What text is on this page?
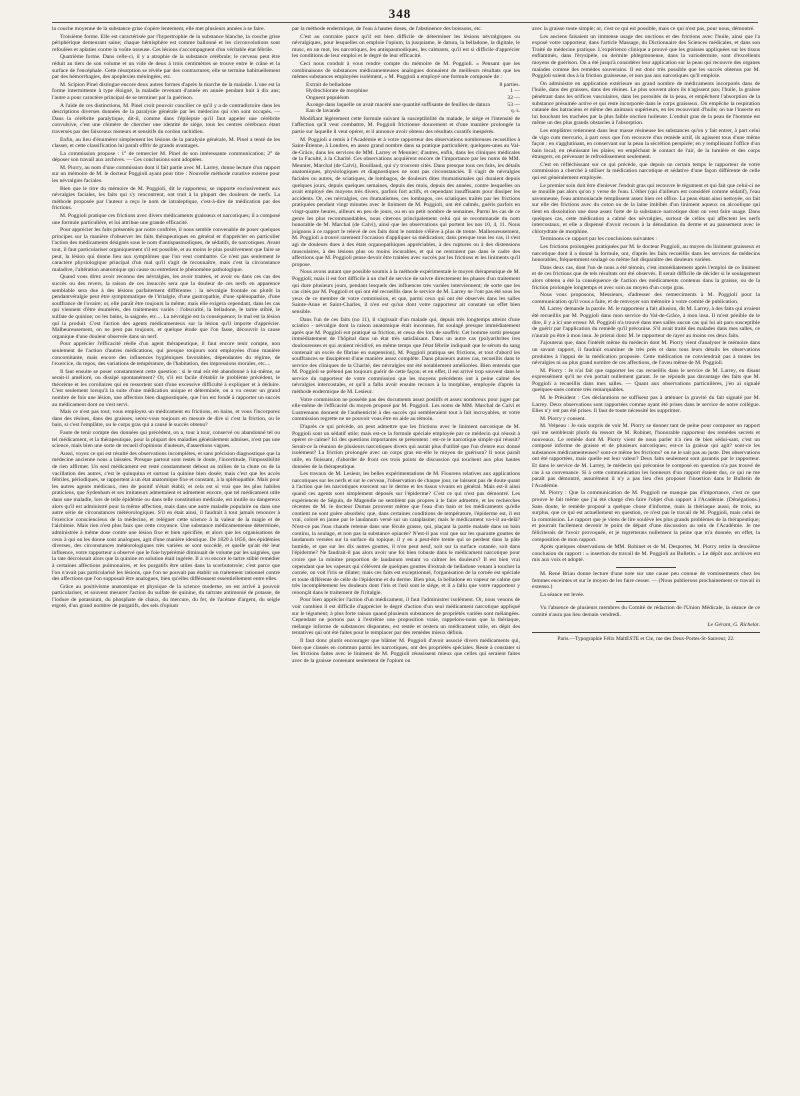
348

la couche moyenne de la substance grise s'opère lentement, elle met plusieurs années à se faire.

Troisième forme. Elle est caractérisée par l'hypertrophie de la substance blanche, la couche grise périphérique demeurant saine; chaque hémisphère est comme ballonné et les circonvolutions sont refoulées et aplaties contre la voûte osseuse. Ces lésions s'accompagnent d'un véritable état fébrile.

Quatrième forme. Dans celle-ci, il y a atrophie de la substance cérébrale; le cerveau peut être réduit au tiers de son volume et un vide de deux à trois centimètres se trouve entre le crâne et la surface de l'encéphale. Cette résorption se révèle par des contractures; elle se termine habituellement par des hémorrhagies, des apoplexies méningées, etc.

M. Scipion Pinel distingue encore deux autres formes d'après la marche de la maladie. L'une est la forme intermittente à type éloigné, la maladie revenant d'année en année pendant huit à dix ans; l'autre a pour caractère principal de se terminer par la guérison.

A l'aide de ces distinctions, M. Pinel croit pouvoir concilier ce qu'il y a de contradictoire dans les descriptions diverses données de la paralysie générale par les médecins qui s'en sont occupés. — Dans la cérébrite paralytique, dit-il, comme dans l'épilepsie qu'il faut appeler une cérébrite convulsive, c'est une chimère de chercher une identité de siége, tous les centres cérébraux étant traversés par des faisceaux moteurs et sensitifs du cordon rachidien.

Enfin, au lieu d'énumérer simplement les lésions de la paralysie générale, M. Pinel a tenté de les classer, et cette classification lui paraît offrir de grands avantages.

La commission propose : 1° de remercier M. Pinel de son intéressante communication; 2° de déposer son travail aux archives. — Ces conclusions sont adoptées.

M. Piorry, au nom d'une commission dont il fait partie avec M. Larrey, donne lecture d'un rapport sur un mémoire de M. le docteur Poggioli ayant pour titre : Nouvelle méthode curative externe pour les névralgies faciales.

Bien que le titre du mémoire de M. Poggioli, dit le rapporteur, se rapporte exclusivement aux névralgies faciales, les faits qui s'y rencontrent, ont trait à la plupart des douleurs de nerfs. La méthode proposée par l'auteur a reçu le nom de iatraleptique, c'est-à-dire de médication par des frictions.

M. Poggioli pratique ces frictions avec divers médicaments graisseux et narcotiques; il a composé une formule particulière, et lui attribue une grande efficacité.

Pour apprécier les faits présentés par notre confrère, il nous semble convenable de poser quelques principes sur la manière d'observer les faits thérapeutiques en général et d'apprécier en particulier l'action des médicaments désignés sous le nom d'antispasmodiques, de sédatifs, de narcotiques. Avant tout, il faut particulariser organiquement s'il est possible, et au moins le plus positivement que faire se peut, la lésion qui donne lieu aux symptômes que l'on veut combattre. Ce n'est pas seulement le caractère physiologique principal d'un mal qu'il s'agit de reconnaître, mais c'est la circonstance maladive, l'altération anatomique qui cause ou entretient le phénomène pathologique.

Quand vous direz avoir reconnu des névralgies, les avoir traitées, et avoir eu dans ces cas des succès ou des revers, la raison de ces insuccès sera que la douleur de ces nerfs en apparence semblable sera due à des lésions parfaitement différentes : la névralgie frontale ou plutôt la pendantvéralgie peut être symptomatique de l'iritalgie, d'une gastropathie, d'une splénopathie, d'une souffrance de l'ovaire; or, elle paraît être toujours la même; mais elle exigera cependant, dans les cas qui viennent d'être énumérés, des traitements variés : l'obscurité, la belladone, le tartre stibié, le sulfate de quinine; ou les bains, la saignée, etc.... La névralgie est la conséquence; le mal est la lésion qui la produit. C'est l'action des agents médicamenteux sur la lésion qu'il importe d'apprécier. Malheureusement, on ne peut pas toujours, et quelque étude que l'on fasse, découvrir la cause organique d'une douleur observée dans un nerf.

Pour apprécier l'efficacité réelle d'un agent thérapeutique, il faut encore tenir compte, non seulement de l'action d'autres médications, qui presque toujours sont employées d'une manière concomitante, mais encore des influences hygiéniques favorables, dépendantes du régime, de l'exercice, du repos, des variations de température, de l'habitation, des impressions morales, etc....

Il faut ensuite se poser constamment cette question : si le mal eût été abandonné à lui-même, se serait-il amélioré, ou dissipé spontanément? Or, s'il est facile d'établir le problème précédent, le théorème et les corollaires qui en ressortent sont d'une excessive difficulté à expliquer et à déduire. C'est seulement lorsqu'à la suite d'une médication unique et déterminée, on a vu cesser un grand nombre de fois une lésion, une affection bien diagnostiquée, que l'on est fondé à rapporter un succès au médicament dont on s'est servi.

Mais ce n'est pas tout; vous employez un médicament en frictions, en bains, et vous l'incorporez dans des résines, dans des graisses, serez-vous toujours en mesure de dire si c'est la friction, ou le bain, si c'est l'emplâtre, ou le corps gras qui a causé le succès obtenu?

Faute de tenir compte des données qui précèdent, on a, tour à tour, conservé ou abandonné tel ou tel médicament, et la thérapeutique, pour la plupart des maladies généralement admises, n'est pas une science, mais bien une sorte de recueil d'opinions d'auteurs, d'assertions vagues.

Aussi, voyez ce qui est résulté des observations incomplètes, et sans précision diagnostique que la médecine ancienne nous a laissées. Presque partout sont restés le doute, l'incertitude, l'impossibilité de rien affirmer. Un seul médicament est resté constamment debout au milieu de la chute ou de la vacillation des autres, c'est le quinquina et surtout la quinine bien dosée; mais c'est que les accès fébriles, périodiques, se rapportent à un état anatomique fixe et constant, à la splénopathie. Mais pour les autres agents médicaux, rien de positif n'était établi; et cela est si vrai que les plus habiles praticiens, que Sydenham et ses imitateurs admettaient et admettent encore, que tel médicament utile dans une maladie, lors de telle épidémie ou dans telle constitution médicale, est inutile ou dangereux alors qu'il est administré pour la même affection, mais dans une autre maladie populaire ou dans une autre série de circonstances météorologiques. S'il en était ainsi, il faudrait à tout jamais renoncer à l'exercice consciencieux de la médecine, et reléguer cette science à la valeur de la magie et de l'alchimie. Mais rien n'est plus faux que cette croyance. Une substance médicamenteuse déterminée, administrée à même dose contre une lésion fixe et bien spécifiée, et alors que les organisations de ceux à qui on les donne sont analogues, agit d'une manière identique. De 1820 à 1856, des épidémies diverses, des circonstances météorologiques très variées se sont succédé, et quelle qu'ait été leur influence, votre rapporteur a observé que le foie hypérémié diminuait de volume par les saignées, que la rate décroissait alors que la quinine en solution était ingérée. Il a vu encore le tartre stibié remédier à certaines affections pulmonaires, et les purgatifs être utiles dans la scorbutotroïe; c'est parce que l'on n'avait pas particularisé les lésions, que l'on ne pouvait pas établir un traitement rationnel contre des affections que l'on supposait être analogues, bien qu'elles différassent essentiellement entre elles.

Grâce au positivisme anatomique et physique de la science moderne, on est arrivé à pouvoir particulariser, et souvent mesurer l'action du sulfate de quinine, du tartrate antimonié de potasse, de l'iodure de potassium, du phosphate de chaux, du mercure, du fer, de l'acétate d'argent, du seigle ergoté, d'un grand nombre de purgatifs, des sels d'opium

par la méthode endermique, de l'eau à hautes doses, de l'abstinence des boissons, etc.

C'est au contraire parce qu'il est bien difficile de déterminer les lésions névralgiques ou névralgiques, pour lesquelles on emploie l'opium, la jusquiame, le datura, la belladone, la digitale, le musc, en un mot, les narcotiques, les antispasmodiques, les calmants, qu'il est si difficile d'apprécier les conditions de leur emploi et le degré de leur efficacité.

Ceci nous conduit à vous rendre compte du mémoire de M. Poggioli. « Pensant que les combinaisons de substances médicamenteuses analogues donnaient de meilleurs résultats que les mêmes substances employées isolément, » M. Poggioli a employé une formule composée de :

Extrait de belladone	8 parties.
Hydrochlorate de morphine	1 —
Onguent populéum	32 —
Axonge dans laquelle on avait macéré une quantité suffisante de feuilles de datura	53 —
Eau de lavande	q. s.

Modifiant légèrement cette formule suivant la susceptibilité du malade, le siége et l'intensité de l'affection qu'il veut combattre, M. Poggioli frictionne doucement et d'une manière prolongée la partie sur laquelle il veut opérer, et il annonce avoir obtenu des résultats curatifs inespérés.

M. Poggioli a remis à l'Académie et à votre rapporteur des observations nombreuses recueillies à Saint-Étienne, à Londres, en assez grand nombre dans sa pratique particulière; quelques-unes au Val-de-Grâce, dans les services de MM. Larrey et Meunier; d'autres, enfin, dans les cliniques médicales de la Faculté, à la Charité. Ces observations acquièrent encore de l'importance par les noms de MM. Meunier, Marchal (de Calvi), Bouillaud, qui s'y trouvent cités. Dans presque tous ces faits, les détails anatomiques, physiologiques et diagnostiques ne sont pas circonstanciés. Il s'agit de névralgies faciales ou autres, de sciatiques, de lombagos, de douleurs dites rhumatismales qui duraient depuis quelques jours, depuis quelques semaines, depuis des mois, depuis des années, contre lesquelles on avait employé des moyens très divers, parfois fort actifs, et cependant insuffisants pour dissiper les accidents. Or, ces névralgies, ces rhumatismes, ces lombagos, ces sciatiques traités par les frictions pratiquées pendant vingt minutes avec le liniment de M. Poggioli, ont été calmés, guéris parfois en vingt-quatre heures, ailleurs en peu de jours, ou en un petit nombre de semaines. Parmi les cas de ce genre les plus recommandables, nous citerons principalement celui qui se recommande du nom honorable de M. Marchal (de Calvi), ainsi que les observations qui portent les nos 10, 4, 11. Nous joignons à ce rapport le relevé de ces faits dont le nombre s'élève à plus de trente. Malheureusement, M. Poggioli a trouvé rarement l'occasion d'appliquer sa médication; dans presque tous les cas, il s'est agi de douleurs dues à des états organopathiques appréciables, à des ruptures ou à des distensions musculaires, à des lésions plus ou moins incurables, et qui ne rentraient pas dans le cadre des affections que M. Poggioli pense devoir être traitées avec succès par les frictions et les liniments qu'il propose.

Nous avons autant que possible soumis à la méthode expérimentale le moyen thérapeutique de M. Poggioli; mais il est fort difficile à un chef de service de suivre directement les phases d'un traitement qui dure plusieurs jours, pendant lesquels des influences très variées interviennent; de sorte que les cas cités par M. Poggioli et qui ont été recueillis dans le service de M. Larrey ne l'ont pas été sous les yeux de ce membre de votre commission, et que, parmi ceux qui ont été observés dans les salles Sainte-Anne et Saint-Charles, il n'en est qu'un dont votre rapporteur ait constaté un effet bien sensible.

Dans l'un de ces faits (no 11), il s'agissait d'un malade qui, depuis très longtemps atteint d'une sciatico - névralgie dont la raison anatomique était inconnue, fut soulagé presque immédiatement après que M. Poggioli eut pratiqué sa friction, et cessa dès lors de souffrir. Cet homme sortit presque immédiatement de l'hôpital dans un état très satisfaisant. Dans un autre cas (polyarthrites ires douloureuses et qui avaient récidivé, en même temps que l'état fébrile indiquait que le sérum du sang contenait un excès de fibrine en suspension), M. Poggioli pratiqua ses frictions, et tout d'abord les souffrances se dissipèrent d'une manière assez complète. Dans plusieurs autres cas, recueillis dans le service des cliniques de la Charité, des névralgies ont été notablement améliorées. Bien entendu que M. Poggioli se prêtend pas toujours guérir de cette façon; et en effet, il est arrivé trop souvent dans le service du rapporteur de votre commission que les moyens précédents ont à peine calmé des névralgies intercostales, et qu'il a fallu avoir ensuite recours à la morphine, employée d'après la méthode endermique de M. Lesieur.

Votre commission ne possède pas des documents assez positifs et assez nombreux pour juger par elle-même de l'efficacité du moyen proposé par M. Poggioli. Les noms de MM. Marchal de Calvi et Lustremann donnent de l'authenticité à des succès qui sembleraient tout à fait incroyables, et votre commission regrette ne ne pouvoir vous être en aide au témoin.

D'après ce qui précède, on peut admettre que les frictions avec le liniment narcotique de M. Poggioli sont un sédatif utile; mais est-ce la formule spéciale employée par ce médecin qui réussit à opérer ce calme? Ici des questions importantes se présentent : est-ce le narcotique simple qui réussit? Serait-ce la réunion de plusieurs narcotiques divers qui aurait plus d'utilité que l'un d'entre eux donné isolément? La friction prolongée avec un corps gras est-elle le moyen de guérison? Il nous paraît utile, en finissant, d'aborder de front ces trois points de discussion qui touchent aux plus hautes données de la thérapeutique.

Les travaux de M. Lesieur, les belles expérimentations de M. Flourens relatives aux applications narcotiques sur les nerfs et sur le cerveau, l'observation de chaque jour, ne laissent pas de doute quant à l'action que les narcotiques exercent sur le derme et les tissus vivants en général. Mais est-il ainsi quand ces agents sont simplement déposés sur l'épiderme? C'est ce qui n'est pas démontré. Les expériences de Séguin, de Magendie ne semblent pas propres à le faire admettre, et les recherches récentes de M. le docteur Dumas prouvent même que l'eau d'un bain et les médicaments qu'elle contient ne sont guère absorbés; que, dans certaines conditions de température, l'épiderme est, il est vrai, coloré en jaune par le laudanum versé sur un cataplasme; mais le médicament va-t-il au-delà? N'est-ce pas l'eau chaude retenue dans une fécule grasse, qui, plaçant la partie malade dans un bain continu, la soulage, et non pas la substance opiacée? N'est-il pas vrai que sur les quarante gouttes de laudanum versées sur la surface du topique, il y en a peut-être trente qui se perdent dans la pâte humide, et que sur les dix autres gouttes, il n'en peut neuf, soit sur la surface cutanée, soit dans l'épiderme? Ne faudrait-il pas alors avoir une foi bien robuste dans le médicament narcotique pour croire que la minime proportion de laudanum restant va calmer les douleurs? Il est bien vrai cependant que les vapeurs qui s'élèvent de quelques gouttes d'extrait de belladone venant à toucher la cornée, on voit l'iris se dilater; mais ces faits est exceptionnel, l'organisation de la cornée est spéciale et toute différente de celle de l'épiderme et du derme. Bien plus, la belladone en vapeur ne calme que très incomplètement les douleurs dont l'iris et l'œil sont le siége, et il a fallu que votre rapporteur y renonçât dans le traitement de l'iritalgie.

Pour bien apprécier l'action d'un médicament, il faut l'administrer isolément. Or, nous venons de voir combien il est difficile d'apprécier le degré d'action d'un seul médicament narcotique appliqué sur le tégument; à plus forte raison quand plusieurs substances de propriétés variées sont mélangées. Cependant ne portons pas à l'extrême une proposition vraie, rappelons-nous que la thériaque, mélange informe de substances disparates, est restée et restera un médicament utile, en dépit des tentatives qui ont été faites pour le remplacer par des remèdes mieux définis.

Il faut donc plutôt encourager que blâmer M. Poggioli d'avoir associé divers médicaments qui, bien que classés en commun parmi les narcotiques, ont des propriétés spéciales. Reste à constater si les frictions faites avec le liniment de M. Poggioli réussissent mieux que celles qui seraient faites avec de la graisse contenant seulement de l'opium ou

avec la graisse toute simple; or, c'est ce qui est possible, mais ce qui n'est pas, pour nous, démontré.

Les anciens faisaient un immense usage des onctions et des frictions avec l'huile, ainsi que l'a exposé votre rapporteur, dans l'article Massage, du Dictionnaire des Sciences médicales, et dans son Traité de médecine pratique. L'expérience clinique a prouvé que les graisses appliquées sur les tissus enflammés, dans l'érysipèle, ou dermite phlegmoneuse, dans la variodermite, sont d'excellents moyens de guérison. On a été jusqu'à considérer leur application sur la peau qui recouvre des organes malades comme des remèdes souverains. Il est donc très possible que les succès obtenus par M. Poggioli soient dus à la friction graisseuse, et non pas aux narcotiques qu'il emploie.

On administre en application extérieure un grand nombre de médicaments incorporés dans de l'huile, dans des graisses, dans des résines. Le plus souvent alors ils n'agissent pas; l'huile, la graisse pénétrant dans les orifices vasculaires, dans les porosités de la peau, et empêchent l'absorption de la substance présumée active et qui reste incorporée dans le corps graisseux. On empêche la respiration cutanée des batraciens et même des animaux supérieurs, en les recouvrant d'huile; on tue l'insecte en lui bouchant les trachées par la plus faible onction huileuse. L'enduit gras de la peau de l'homme est même un des plus grands obstacles à l'absorption.

Les emplâtres retiennent dans leur masse résineuse les substances qu'on y fait entrer, à part celui de vigo cum mercurio, à part ceux que l'on recouvre d'un remède actif, ils agissent tous d'une même façon : en s'agglutinant, en conservant sur la peau la sécrétion perspirée; en y remplissant l'office d'un bain local; en réunissant les plaies; en empêchant le contact de l'air, de la lumière et des corps étrangers, en prévenant le refroidissement seulement.

C'est en réfléchissant sur ce qui précède, que depuis un certain temps le rapporteur de votre commission a cherché à utiliser la médication narcotique et sédative d'une façon différente de celle qui est généralement employée.

Le premier soin doit être d'enlever l'enduit gras qui recouvre le tégument et qui fait que celui-ci ne se mouille pas alors qu'on y verse de l'eau. L'éther (qui d'ailleurs est considéré comme sédatif), l'eau savonneuse, l'eau ammoniacale remplissent assez bien cet office. La peau étant ainsi nettoyée, on fait sur elle des frictions avec du coton ou de la laine imbibés d'un liniment aqueux ou alcoolique qui tient en dissolution une dose assez forte de la substance narcotique dont on veut faire usage. Dans quelques cas, cette médication a calmé des névralgies, surtout de celles qui affectent les nerfs intercostaux, et elle a dispensé d'avoir recours à la dénudation du derme et au pansement avec le chlorydrate de morphine.

Terminons ce rapport par les conclusions suivantes :

Les frictions prolongées pratiquées par M. le docteur Poggioli, au moyen du liniment graisseux et narcotique dont il a donné la formule, ont, d'après les faits recueillis dans les services de médecins honorables, fréquemment soulagé ou même fait disparaître des douleurs variées.

Dans deux cas, dont l'un de nous a été témoin, c'est immédiatement après l'emploi de ce liniment et de ces frictions que de tels résultats ont été observés. Il serait difficile de décider si le soulagement alors obtenu a été la conséquence de l'action des médicaments contenus dans la graisse, ou de la friction prolongée longtemps et avec soin au moyen d'un corps gras.

Nous vous proposons, Messieurs, d'adresser des remerciments à M. Poggioli pour la communication qu'il vous a faite, et de renvoyer son mémoire à votre comité de publication.

M. Larrey demande la parole. M. le rapporteur a fait allusion, dit M. Larrey, à des faits qui avaient été recueillis par M. Poggioli dans mon service du Val-de-Grâce, à mon insu. Il m'est pénible de le dire, il y a ici une erreur. M. Poggioli n'a trouvé dans mes salles aucun cas qui lui ait paru susceptible de guérir par l'application du remède qu'il préconise. S'il avait traité des malades dans mes salles, ce n'aurait pu être à mon insu. Je prierai donc M. le rapporteur de rayer au moins ces deux faits.

J'ajouterai que, dans l'intérêt même du médecin dont M. Piorry vient d'analyser le mémoire dans un savant rapport, il faudrait examiner de très près et dans tous leurs détails les observations produites à l'appui de la médication proposée. Cette médication ne conviendrait pas à toutes les névralgies ni au plus grand nombre de ces affections, de l'aveu même de M. Poggioli.

M. Piorry : Je n'ai fait que rapporter les cas recueillis dans le service de M. Larrey, en disant expressément qu'il ne s'en portait nullement garant. Je ne réponds pas davantage des faits que M. Poggioli a recueillis dans mes salles. — Quant aux observations particulières, j'en ai signalé quelques-unes comme très remarquables.

M. le Président : Ces déclarations ne suffisent pas à atténuer la gravité du fait signalé par M. Larrey. Deux observations sont rapportées comme ayant été prises dans le service de notre collègue. Elles n'y ont pas été prises. Il faut de toute nécessité les supprimer.

M. Piorry y consent.

M. Velpeau : Je suis surpris de voir M. Piorry se donner tant de peine pour composer un rapport qui me semblerait plutôt du ressort de M. Robinet, l'honorable rapporteur des remèdes secrets et nouveaux. Le remède dont M. Piorry vient de nous parler n'a rien de bien sédui-sant, c'est un composé informe de graisse et de plusieurs narcotiques; est-ce la graisse qui agit? sont-ce les substances médicamenteuses? sont-ce même les frictions? on ne le sait pas au juste. Des observations ont été rapportées, mais quelle est leur valeur? Deux faits seulement sont garantis par le rapporteur. Et dans le service de M. Larrey, le médecin qui préconise le composé en question n'a pas trouvé de cas à sa convenance. Si à cette communication les honneurs d'un rapport étaient dus, ce qui ne me paraît pas démontré, assurément il n'y a pas lieu d'en proposer l'insertion dans le Bulletin de l'Académie.

M. Piorry : Que la communication de M. Poggioli ne manque pas d'importance, c'est ce que prouve le fait même que j'ai été chargé d'en faire l'objet d'un rapport à l'Académie. (Dénégations.) Sans doute, le remède proposé a quelque chose d'informe, mais la thériaque aussi, de trois, au surplus, que ce qui est actuellement en question, ce n'est pas le travail de M. Poggioli, mais celui de la commission. Le rapport que je viens de lire soulève les plus grands problèmes de la thérapeutique; et pourrait facilement devenir le point de départ d'une discussion au sein de l'Académie. Je me féliciterais de l'avoir provoquée, et je regretterais nullement la peine que m'a donnée, en effet, la composition de mon rapport.

Après quelques observations de MM. Robinet et de M. Desportes, M. Piorry retire la deuxième conclusion du rapport : « insertion du travail de M. Poggioli au Bulletin. » Le dépôt aux archives est mis aux voix et adopté.

M. René Briau donne lecture d'une note sur une cause peu connue de vomissements chez les femmes enceintes et sur le moyen de les faire cesser. — (Nous publierons prochainement ce travail in extenso.)

La séance est levée.

Vu l'absence de plusieurs membres du Comité de rédaction de l'Union Médicale, la séance de ce comité n'aura pas lieu demain vendredi.

Le Gérant, G. Richelot.
Paris.—Typographie Félix MaltESTE et Cie, rue des Deux-Portes-St-Sauveur, 22.
